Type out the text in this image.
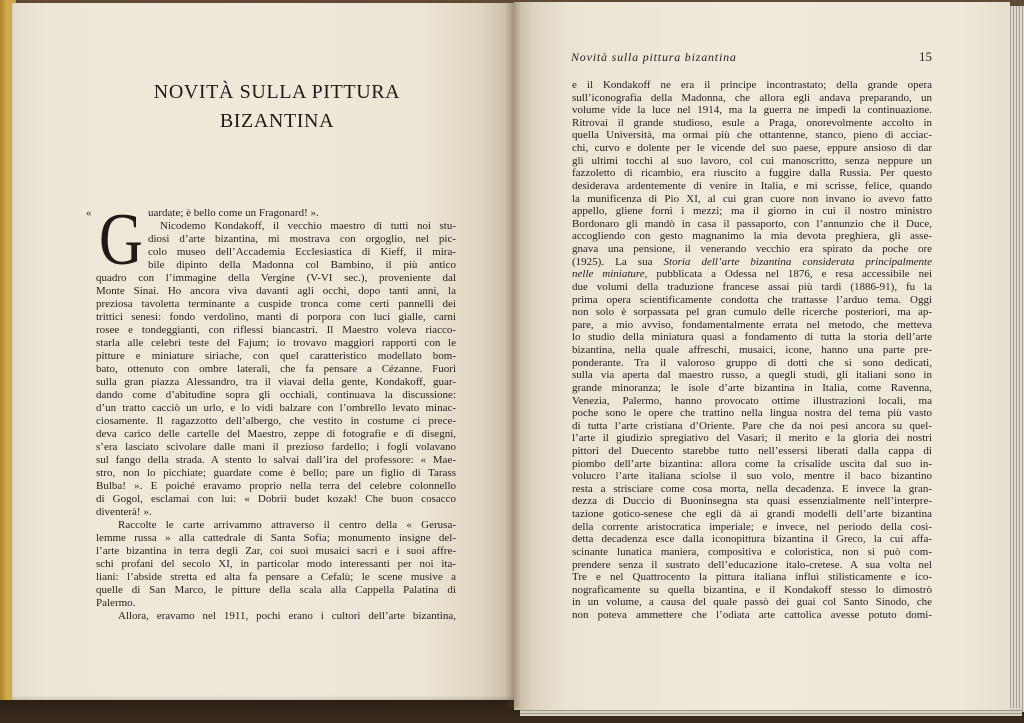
NOVITÀ SULLA PITTURA
BIZANTINA
Novità sulla pittura bizantina	15
« G uardate; è bello come un Fragonard! ».
Nicodemo Kondakoff, il vecchio maestro di tutti noi stu-
diosi d’arte bizantina, mi mostrava con orgoglio, nel pic-
colo museo dell’Accademia Ecclesiastica di Kieff, il mira-
bile dipinto della Madonna col Bambino, il più antico
quadro con l’immagine della Vergine (V-VI sec.), proveniente dal
Monte Sinai. Ho ancora viva davanti agli occhi, dopo tanti anni, la
preziosa tavoletta terminante a cuspide tronca come certi pannelli dei
trittici senesi: fondo verdolino, manti di porpora con luci gialle, carni
rosee e tondeggianti, con riflessi biancastri. Il Maestro voleva riacco-
starla alle celebri teste del Fajum; io trovavo maggiori rapporti con le
pitture e miniature siriache, con quel caratteristico modellato bom-
bato, ottenuto con ombre laterali, che fa pensare a Cézanne. Fuori
sulla gran piazza Alessandro, tra il viavai della gente, Kondakoff, guar-
dando come d’abitudine sopra gli occhiali, continuava la discussione:
d’un tratto cacciò un urlo, e lo vidi balzare con l’ombrello levato minac-
ciosamente. Il ragazzotto dell’albergo, che vestito in costume ci prece-
deva carico delle cartelle del Maestro, zeppe di fotografie e di disegni,
s’era lasciato scivolare dalle mani il prezioso fardello; i fogli volavano
sul fango della strada. A stento lo salvai dall’ira del professore: « Mae-
stro, non lo picchiate; guardate come è bello; pare un figlio di Tarass
Bulba! ». E poiché eravamo proprio nella terra del celebre colonnello
di Gogol, esclamai con lui: « Dobrii budet kozak! Che buon cosacco
diventerà! ».
Raccolte le carte arrivammo attraverso il centro della « Gerusa-
lemme russa » alla cattedrale di Santa Sofia; monumento insigne del-
l’arte bizantina in terra degli Zar, coi suoi musaici sacri e i suoi affre-
schi profani del secolo XI, in particolar modo interessanti per noi ita-
liani: l’abside stretta ed alta fa pensare a Cefalù; le scene musive a
quelle di San Marco, le pitture della scala alla Cappella Palatina di
Palermo.
Allora, eravamo nel 1911, pochi erano i cultori dell’arte bizantina,
e il Kondakoff ne era il principe incontrastato; della grande opera
sull’iconografia della Madonna, che allora egli andava preparando, un
volume vide la luce nel 1914, ma la guerra ne impedì la continuazione.
Ritrovai il grande studioso, esule a Praga, onorevolmente accolto in
quella Università, ma ormai più che ottantenne, stanco, pieno di acciac-
chi, curvo e dolente per le vicende del suo paese, eppure ansioso di dar
gli ultimi tocchi al suo lavoro, col cui manoscritto, senza neppure un
fazzoletto di ricambio, era riuscito a fuggire dalla Russia. Per questo
desiderava ardentemente di venire in Italia, e mi scrisse, felice, quando
la munificenza di Pio XI, al cui gran cuore non invano io avevo fatto
appello, gliene fornì i mezzi; ma il giorno in cui il nostro ministro
Bordonaro gli mandò in casa il passaporto, con l’annunzio che il Duce,
accogliendo con gesto magnanimo la mia devota preghiera, gli asse-
gnava una pensione, il venerando vecchio era spirato da poche ore
(1925). La sua Storia dell’arte bizantina considerata principalmente
nelle miniature, pubblicata a Odessa nel 1876, e resa accessibile nei
due volumi della traduzione francese assai più tardi (1886-91), fu la
prima opera scientificamente condotta che trattasse l’arduo tema. Oggi
non solo è sorpassata pel gran cumulo delle ricerche posteriori, ma ap-
pare, a mio avviso, fondamentalmente errata nel metodo, che metteva
lo studio della miniatura quasi a fondamento di tutta la storia dell’arte
bizantina, nella quale affreschi, musaici, icone, hanno una parte pre-
ponderante. Tra il valoroso gruppo di dotti che si sono dedicati,
sulla via aperta dal maestro russo, a quegli studi, gli italiani sono in
grande minoranza; le isole d’arte bizantina in Italia, come Ravenna,
Venezia, Palermo, hanno provocato ottime illustrazioni locali, ma
poche sono le opere che trattino nella lingua nostra del tema più vasto
di tutta l’arte cristiana d’Oriente. Pare che da noi pesi ancora su quel-
l’arte il giudizio spregiativo del Vasari; il merito e la gloria dei nostri
pittori del Duecento starebbe tutto nell’essersi liberati dalla cappa di
piombo dell’arte bizantina: allora come la crisalide uscita dal suo in-
volucro l’arte italiana sciolse il suo volo, mentre il baco bizantino
resta a strisciare come cosa morta, nella decadenza. E invece la gran-
dezza di Duccio di Buoninsegna sta quasi essenzialmente nell’interpre-
tazione gotico-senese che egli dà ai grandi modelli dell’arte bizantina
della corrente aristocratica imperiale; e invece, nel periodo della così-
detta decadenza esce dalla iconopittura bizantina il Greco, la cui affa-
scinante lunatica maniera, compositiva e coloristica, non si può com-
prendere senza il sustrato dell’educazione italo-cretese. A sua volta nel
Tre e nel Quattrocento la pittura italiana influì stilisticamente e ico-
nograficamente su quella bizantina, e il Kondakoff stesso lo dimostrò
in un volume, a causa del quale passò dei guai col Santo Sinodo, che
non poteva ammettere che l’odiata arte cattolica avesse potuto domi-
